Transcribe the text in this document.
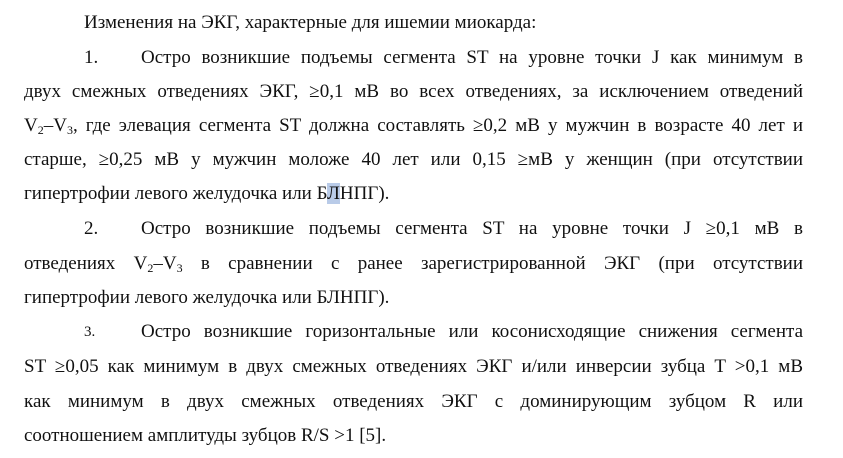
Изменения на ЭКГ, характерные для ишемии миокарда:
1. Остро возникшие подъемы сегмента ST на уровне точки J как минимум в
двух смежных отведениях ЭКГ, ≥0,1 мВ во всех отведениях, за исключением отведений
$V_2-V_3$, где элевация сегмента ST должна составлять ≥0,2 мВ у мужчин в возрасте 40 лет и
старше, ≥0,25 мВ у мужчин моложе 40 лет или 0,15 ≥мВ у женщин (при отсутствии
гипертрофии левого желудочка или БЛНПГ).
2. Остро возникшие подъемы сегмента ST на уровне точки J ≥0,1 мВ в
отведениях $V_2-V_3$ в сравнении с ранее зарегистрированной ЭКГ (при отсутствии
гипертрофии левого желудочка или БЛНПГ).
3. Остро возникшие горизонтальные или косонисходящие снижения сегмента
ST ≥0,05 как минимум в двух смежных отведениях ЭКГ и/или инверсии зубца T >0,1 мВ
как минимум в двух смежных отведениях ЭКГ с доминирующим зубцом R или
соотношением амплитуды зубцов R/S >1 [5].
